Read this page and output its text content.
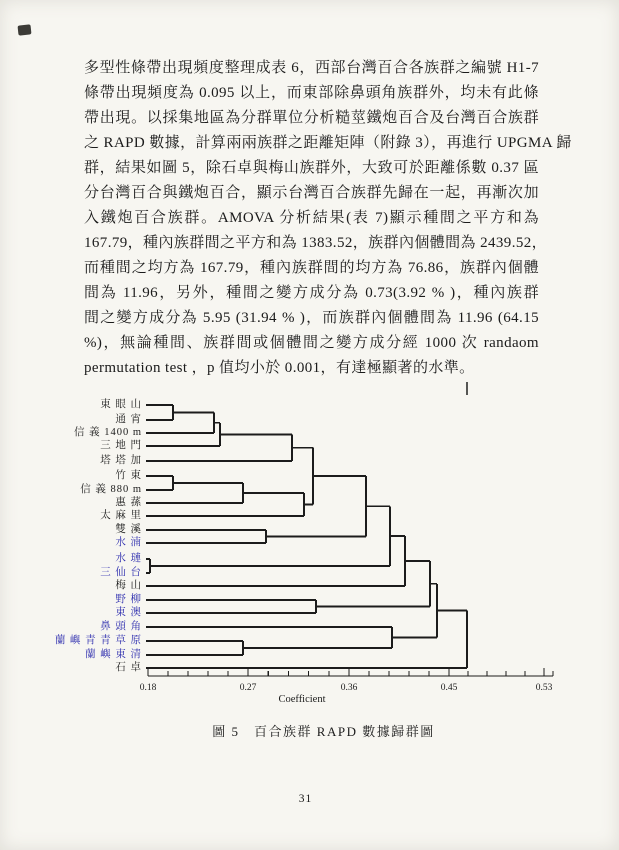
多型性條帶出現頻度整理成表 6，西部台灣百合各族群之編號 H1-7
條帶出現頻度為 0.095 以上，而東部除鼻頭角族群外，均未有此條
帶出現。以採集地區為分群單位分析糙莖鐵炮百合及台灣百合族群
之 RAPD 數據，計算兩兩族群之距離矩陣（附錄 3），再進行 UPGMA 歸
群，結果如圖 5，除石卓與梅山族群外，大致可於距離係數 0.37 區
分台灣百合與鐵炮百合，顯示台灣百合族群先歸在一起，再漸次加
入鐵炮百合族群。AMOVA 分析結果(表 7)顯示種間之平方和為
167.79，種內族群間之平方和為 1383.52，族群內個體間為 2439.52，
而種間之均方為 167.79，種內族群間的均方為 76.86，族群內個體
間為 11.96，另外，種間之變方成分為 0.73(3.92 % )，種內族群
間之變方成分為 5.95 (31.94 % )，而族群內個體間為 11.96 (64.15
%)，無論種間、族群間或個體間之變方成分經 1000 次 randaom
permutation test ，p 值均小於 0.001，有達極顯著的水準。
0.18	0.27	0.36	0.45	0.53
Coefficient
東 眼 山
通 宵
信 義 1400 m
三 地 門
塔 塔 加
竹 東
信 義 880 m
惠 蓀
太 麻 里
雙 溪
水 湳
水 璉
三 仙 台
梅 山
野 柳
東 澳
鼻 頭 角
蘭 嶼 青 青 草 原
蘭 嶼 東 清
石 卓
圖 5　百合族群 RAPD 數據歸群圖
31
